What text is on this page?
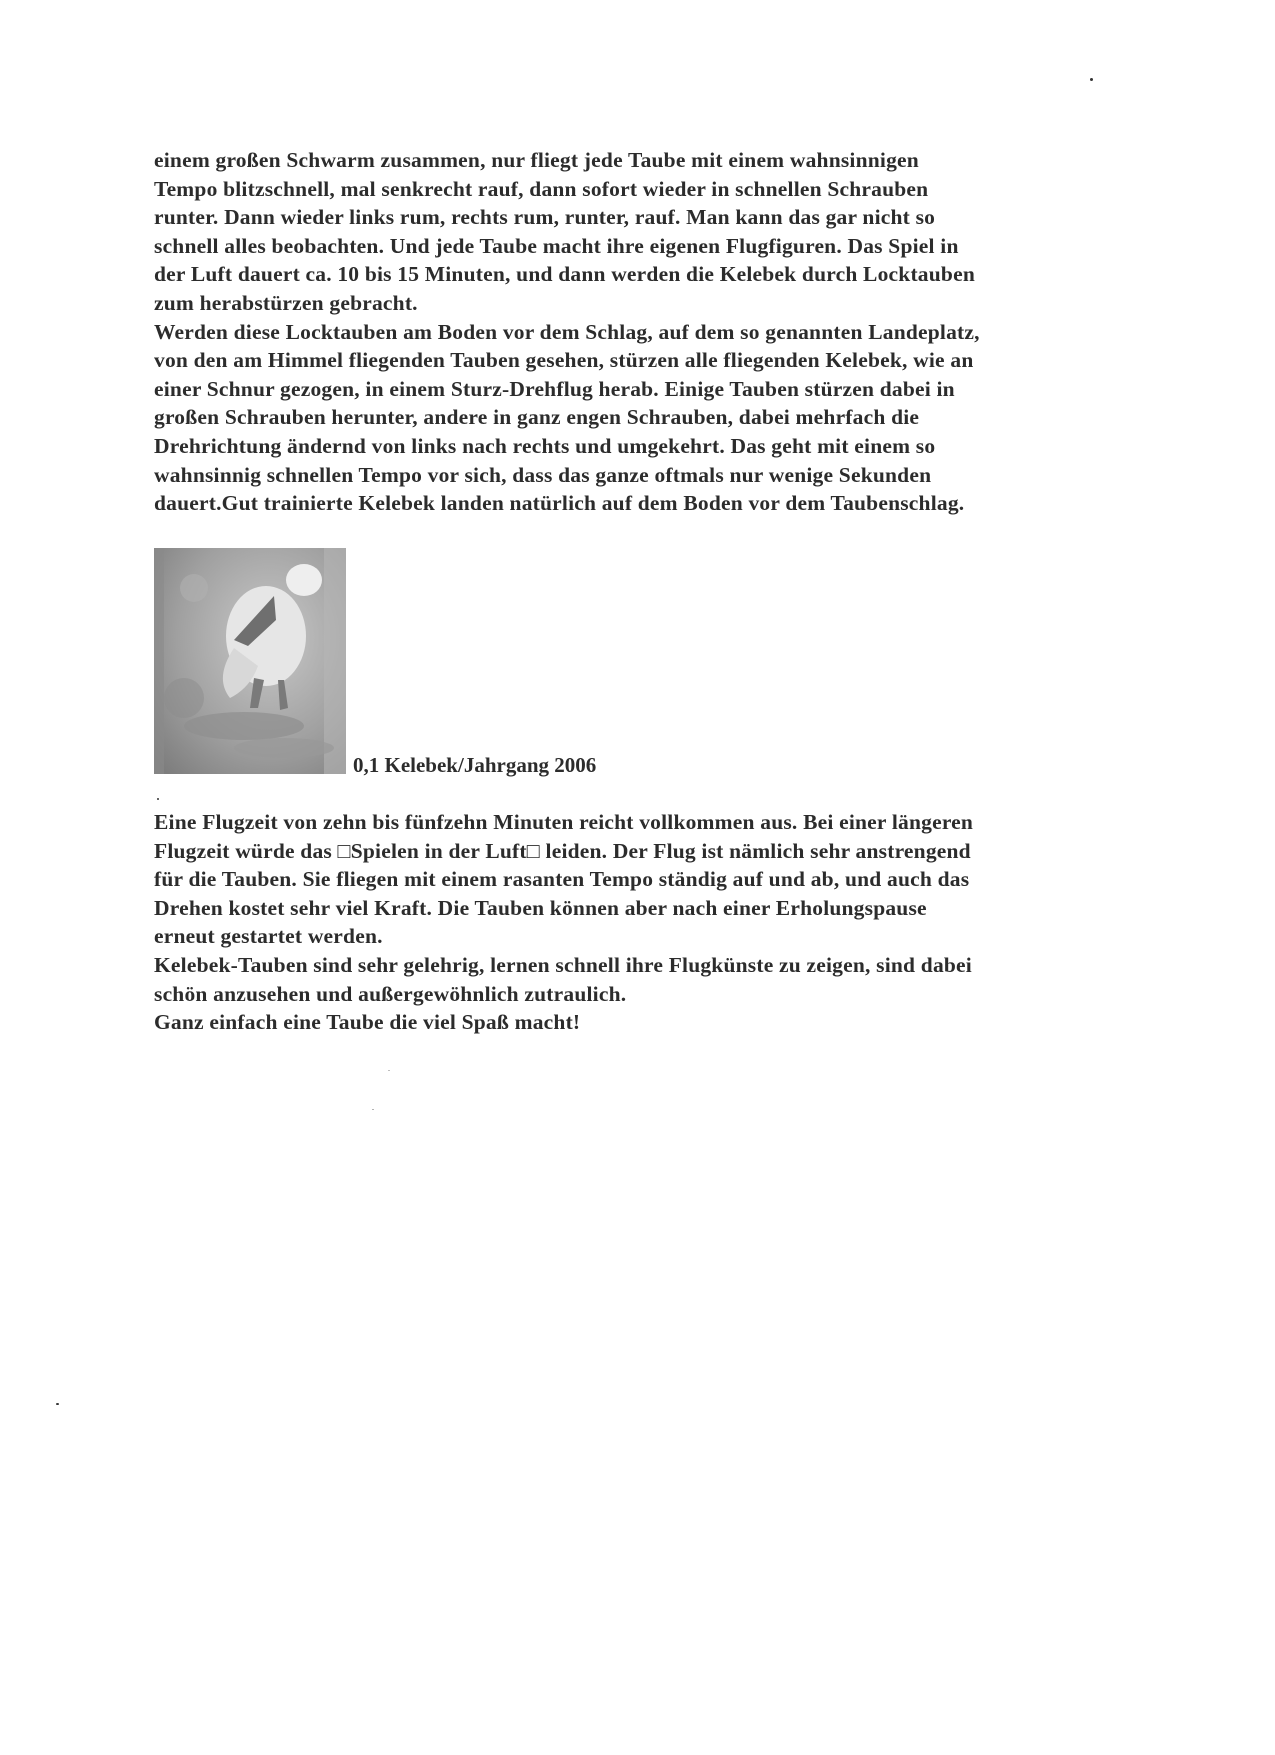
einem großen Schwarm zusammen, nur fliegt jede Taube mit einem wahnsinnigen
Tempo blitzschnell, mal senkrecht rauf, dann sofort wieder in schnellen Schrauben
runter. Dann wieder links rum, rechts rum, runter, rauf. Man kann das gar nicht so
schnell alles beobachten. Und jede Taube macht ihre eigenen Flugfiguren. Das Spiel in
der Luft dauert ca. 10 bis 15 Minuten, und dann werden die Kelebek durch Locktauben
zum herabstürzen gebracht.
Werden diese Locktauben am Boden vor dem Schlag, auf dem so genannten Landeplatz,
von den am Himmel fliegenden Tauben gesehen, stürzen alle fliegenden Kelebek, wie an
einer Schnur gezogen, in einem Sturz-Drehflug herab. Einige Tauben stürzen dabei in
großen Schrauben herunter, andere in ganz engen Schrauben, dabei mehrfach die
Drehrichtung ändernd von links nach rechts und umgekehrt. Das geht mit einem so
wahnsinnig schnellen Tempo vor sich, dass das ganze oftmals nur wenige Sekunden
dauert.Gut trainierte Kelebek landen natürlich auf dem Boden vor dem Taubenschlag.
0,1 Kelebek/Jahrgang 2006
Eine Flugzeit von zehn bis fünfzehn Minuten reicht vollkommen aus. Bei einer längeren
Flugzeit würde das □Spielen in der Luft□ leiden. Der Flug ist nämlich sehr anstrengend
für die Tauben. Sie fliegen mit einem rasanten Tempo ständig auf und ab, und auch das
Drehen kostet sehr viel Kraft. Die Tauben können aber nach einer Erholungspause
erneut gestartet werden.
Kelebek-Tauben sind sehr gelehrig, lernen schnell ihre Flugkünste zu zeigen, sind dabei
schön anzusehen und außergewöhnlich zutraulich.
Ganz einfach eine Taube die viel Spaß macht!
